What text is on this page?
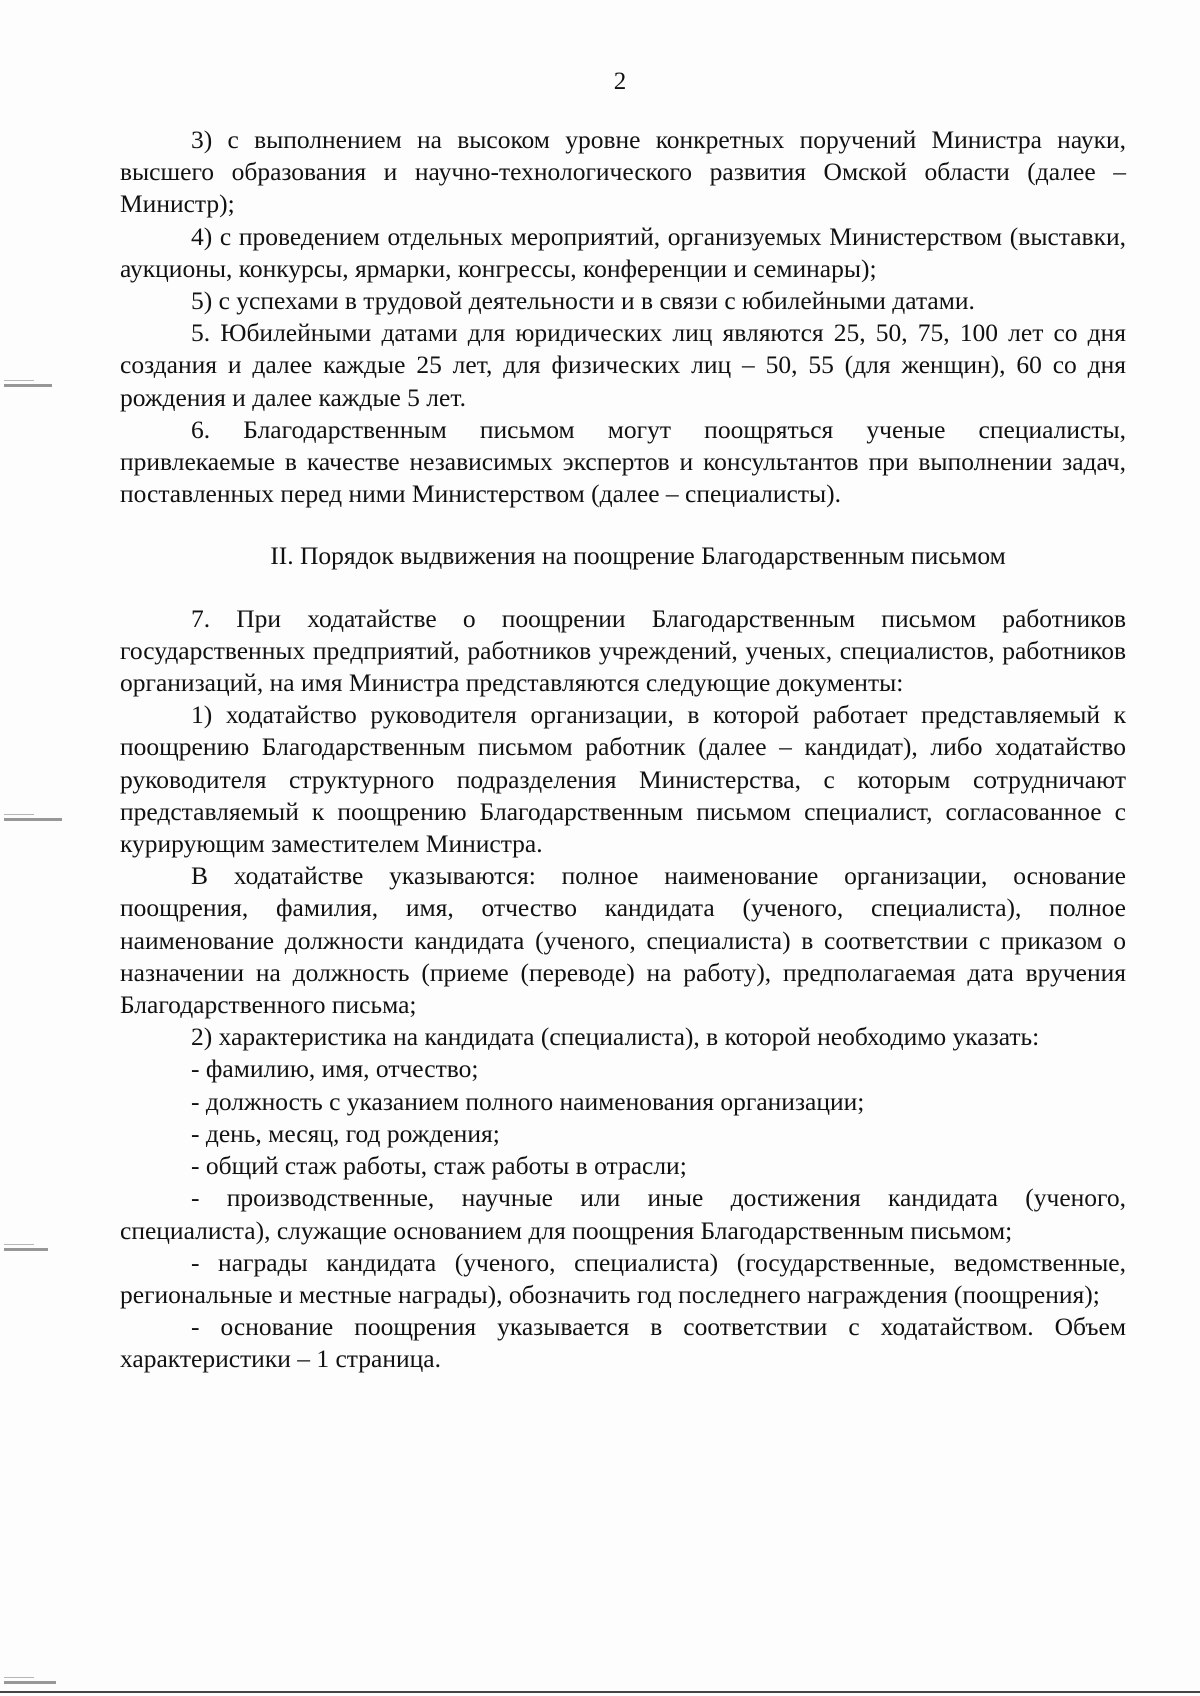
2

3) с выполнением на высоком уровне конкретных поручений Министра науки, высшего образования и научно-технологического развития Омской области (далее – Министр);

4) с проведением отдельных мероприятий, организуемых Министерством (выставки, аукционы, конкурсы, ярмарки, конгрессы, конференции и семинары);

5) с успехами в трудовой деятельности и в связи с юбилейными датами.

5. Юбилейными датами для юридических лиц являются 25, 50, 75, 100 лет со дня создания и далее каждые 25 лет, для физических лиц – 50, 55 (для женщин), 60 со дня рождения и далее каждые 5 лет.

6. Благодарственным письмом могут поощряться ученые специалисты, привлекаемые в качестве независимых экспертов и консультантов при выполнении задач, поставленных перед ними Министерством (далее – специалисты).

II. Порядок выдвижения на поощрение Благодарственным письмом

7. При ходатайстве о поощрении Благодарственным письмом работников государственных предприятий, работников учреждений, ученых, специалистов, работников организаций, на имя Министра представляются следующие документы:

1) ходатайство руководителя организации, в которой работает представляемый к поощрению Благодарственным письмом работник (далее – кандидат), либо ходатайство руководителя структурного подразделения Министерства, с которым сотрудничают представляемый к поощрению Благодарственным письмом специалист, согласованное с курирующим заместителем Министра.

В ходатайстве указываются: полное наименование организации, основание поощрения, фамилия, имя, отчество кандидата (ученого, специалиста), полное наименование должности кандидата (ученого, специалиста) в соответствии с приказом о назначении на должность (приеме (переводе) на работу), предполагаемая дата вручения Благодарственного письма;

2) характеристика на кандидата (специалиста), в которой необходимо указать:

- фамилию, имя, отчество;

- должность с указанием полного наименования организации;

- день, месяц, год рождения;

- общий стаж работы, стаж работы в отрасли;

- производственные, научные или иные достижения кандидата (ученого, специалиста), служащие основанием для поощрения Благодарственным письмом;

- награды кандидата (ученого, специалиста) (государственные, ведомственные, региональные и местные награды), обозначить год последнего награждения (поощрения);

- основание поощрения указывается в соответствии с ходатайством. Объем характеристики – 1 страница.
